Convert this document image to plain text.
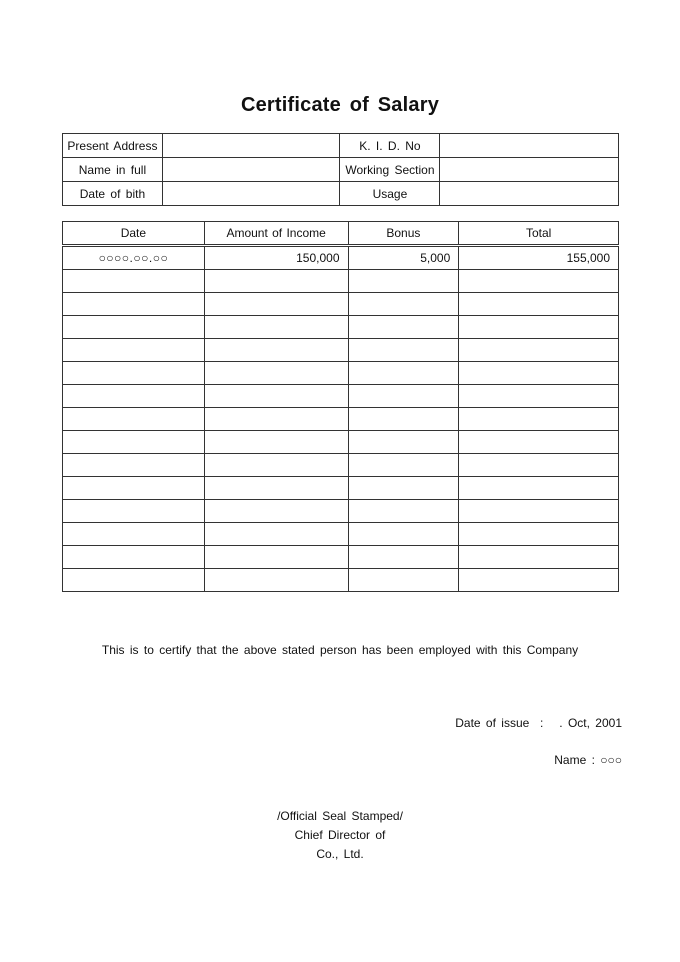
Certificate of Salary
Present Address		K. I. D. No	
Name in full		Working Section	
Date of bith		Usage	
Date	Amount of Income	Bonus	Total
○○○○.○○.○○	150,000	5,000	155,000

This is to certify that the above stated person has been employed with this Company
Date of issue  :   . Oct, 2001
Name : ○○○
/Official Seal Stamped/
Chief Director of
Co., Ltd.
